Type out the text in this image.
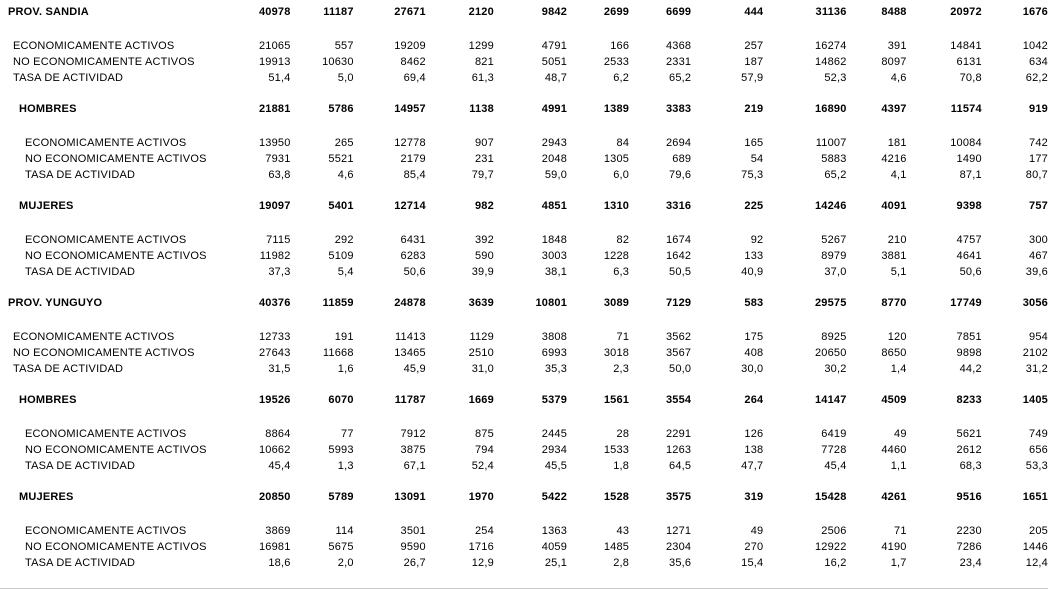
PROV. SANDIA	40978	11187	27671	2120	9842	2699	6699	444	31136	8488	20972	1676

ECONOMICAMENTE ACTIVOS	21065	557	19209	1299	4791	166	4368	257	16274	391	14841	1042
NO ECONOMICAMENTE ACTIVOS	19913	10630	8462	821	5051	2533	2331	187	14862	8097	6131	634
TASA DE ACTIVIDAD	51,4	5,0	69,4	61,3	48,7	6,2	65,2	57,9	52,3	4,6	70,8	62,2

HOMBRES	21881	5786	14957	1138	4991	1389	3383	219	16890	4397	11574	919

ECONOMICAMENTE ACTIVOS	13950	265	12778	907	2943	84	2694	165	11007	181	10084	742
NO ECONOMICAMENTE ACTIVOS	7931	5521	2179	231	2048	1305	689	54	5883	4216	1490	177
TASA DE ACTIVIDAD	63,8	4,6	85,4	79,7	59,0	6,0	79,6	75,3	65,2	4,1	87,1	80,7

MUJERES	19097	5401	12714	982	4851	1310	3316	225	14246	4091	9398	757

ECONOMICAMENTE ACTIVOS	7115	292	6431	392	1848	82	1674	92	5267	210	4757	300
NO ECONOMICAMENTE ACTIVOS	11982	5109	6283	590	3003	1228	1642	133	8979	3881	4641	467
TASA DE ACTIVIDAD	37,3	5,4	50,6	39,9	38,1	6,3	50,5	40,9	37,0	5,1	50,6	39,6

PROV. YUNGUYO	40376	11859	24878	3639	10801	3089	7129	583	29575	8770	17749	3056

ECONOMICAMENTE ACTIVOS	12733	191	11413	1129	3808	71	3562	175	8925	120	7851	954
NO ECONOMICAMENTE ACTIVOS	27643	11668	13465	2510	6993	3018	3567	408	20650	8650	9898	2102
TASA DE ACTIVIDAD	31,5	1,6	45,9	31,0	35,3	2,3	50,0	30,0	30,2	1,4	44,2	31,2

HOMBRES	19526	6070	11787	1669	5379	1561	3554	264	14147	4509	8233	1405

ECONOMICAMENTE ACTIVOS	8864	77	7912	875	2445	28	2291	126	6419	49	5621	749
NO ECONOMICAMENTE ACTIVOS	10662	5993	3875	794	2934	1533	1263	138	7728	4460	2612	656
TASA DE ACTIVIDAD	45,4	1,3	67,1	52,4	45,5	1,8	64,5	47,7	45,4	1,1	68,3	53,3

MUJERES	20850	5789	13091	1970	5422	1528	3575	319	15428	4261	9516	1651

ECONOMICAMENTE ACTIVOS	3869	114	3501	254	1363	43	1271	49	2506	71	2230	205
NO ECONOMICAMENTE ACTIVOS	16981	5675	9590	1716	4059	1485	2304	270	12922	4190	7286	1446
TASA DE ACTIVIDAD	18,6	2,0	26,7	12,9	25,1	2,8	35,6	15,4	16,2	1,7	23,4	12,4
